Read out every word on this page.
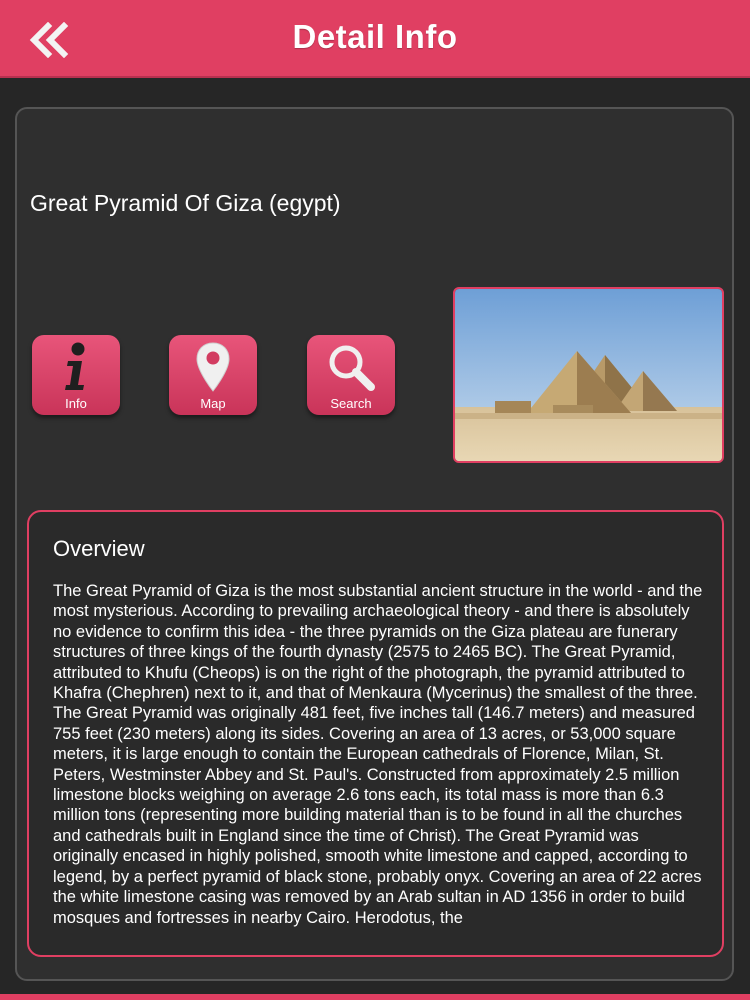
Detail Info
Great Pyramid Of Giza (egypt)
Info	Map	Search
Overview
The Great Pyramid of Giza is the most substantial ancient structure in the world - and the most mysterious. According to prevailing archaeological theory - and there is absolutely no evidence to confirm this idea - the three pyramids on the Giza plateau are funerary structures of three kings of the fourth dynasty (2575 to 2465 BC). The Great Pyramid, attributed to Khufu (Cheops) is on the right of the photograph, the pyramid attributed to Khafra (Chephren) next to it, and that of Menkaura (Mycerinus) the smallest of the three. The Great Pyramid was originally 481 feet, five inches tall (146.7 meters) and measured 755 feet (230 meters) along its sides. Covering an area of 13 acres, or 53,000 square meters, it is large enough to contain the European cathedrals of Florence, Milan, St. Peters, Westminster Abbey and St. Paul's. Constructed from approximately 2.5 million limestone blocks weighing on average 2.6 tons each, its total mass is more than 6.3 million tons (representing more building material than is to be found in all the churches and cathedrals built in England since the time of Christ). The Great Pyramid was originally encased in highly polished, smooth white limestone and capped, according to legend, by a perfect pyramid of black stone, probably onyx. Covering an area of 22 acres the white limestone casing was removed by an Arab sultan in AD 1356 in order to build mosques and fortresses in nearby Cairo. Herodotus, the
